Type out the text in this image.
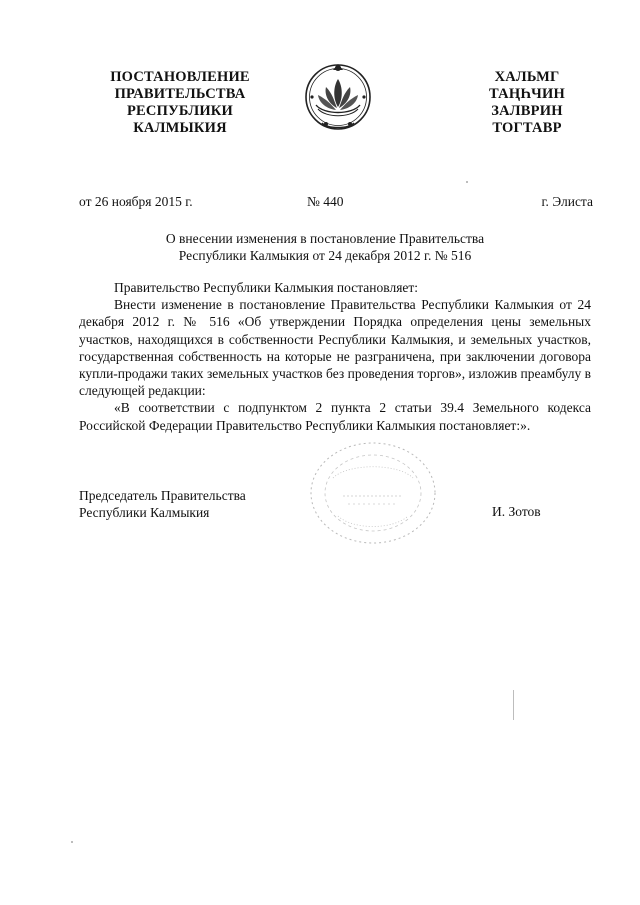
ПОСТАНОВЛЕНИЕ
ПРАВИТЕЛЬСТВА
РЕСПУБЛИКИ
КАЛМЫКИЯ
ХАЛЬМГ
ТАҢҺЧИН
ЗАЛВРИН
ТОГТАВР
от 26 ноября 2015 г.	№ 440	г. Элиста
О внесении изменения в постановление Правительства
Республики Калмыкия от 24 декабря 2012 г. № 516

Правительство Республики Калмыкия постановляет:

Внести изменение в постановление Правительства Республики Калмыкия от 24 декабря 2012 г. № 516 «Об утверждении Порядка определения цены земельных участков, находящихся в собственности Республики Калмыкия, и земельных участков, государственная собственность на которые не разграничена, при заключении договора купли-продажи таких земельных участков без проведения торгов», изложив преамбулу в следующей редакции:

«В соответствии с подпунктом 2 пункта 2 статьи 39.4 Земельного кодекса Российской Федерации Правительство Республики Калмыкия постановляет:».

Председатель Правительства
Республики Калмыкия	И. Зотов
